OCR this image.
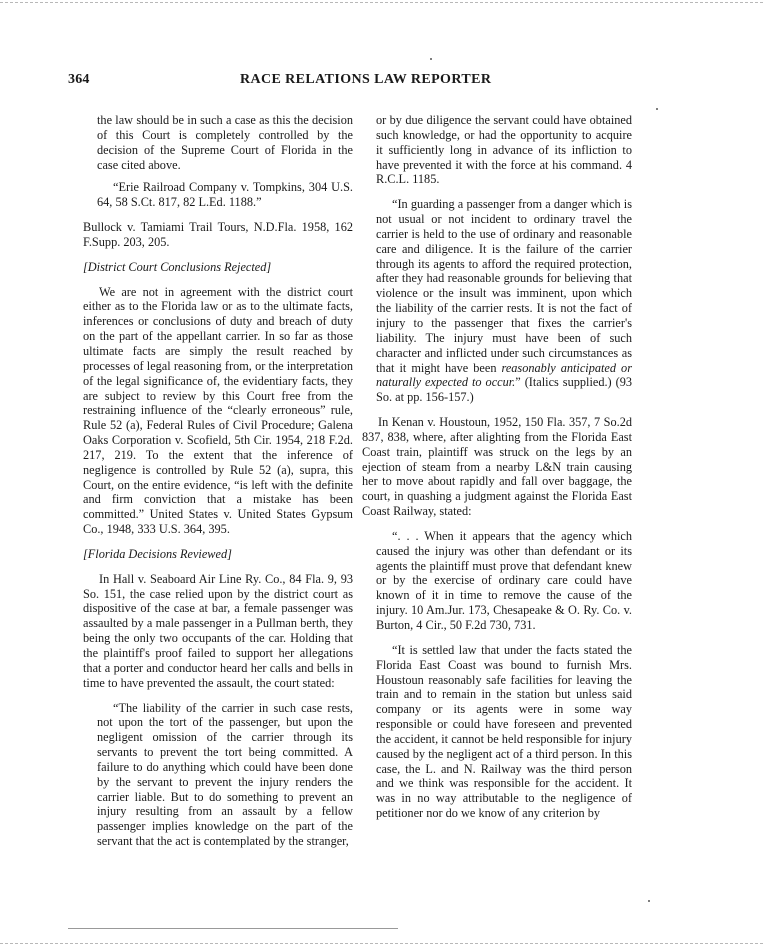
364	RACE RELATIONS LAW REPORTER

the law should be in such a case as this the decision of this Court is completely controlled by the decision of the Supreme Court of Florida in the case cited above.

“Erie Railroad Company v. Tompkins, 304 U.S. 64, 58 S.Ct. 817, 82 L.Ed. 1188.”

Bullock v. Tamiami Trail Tours, N.D.Fla. 1958, 162 F.Supp. 203, 205.

[District Court Conclusions Rejected]

We are not in agreement with the district court either as to the Florida law or as to the ultimate facts, inferences or conclusions of duty and breach of duty on the part of the appellant carrier. In so far as those ultimate facts are simply the result reached by processes of legal reasoning from, or the interpretation of the legal significance of, the evidentiary facts, they are subject to review by this Court free from the restraining influence of the “clearly erroneous” rule, Rule 52 (a), Federal Rules of Civil Procedure; Galena Oaks Corporation v. Scofield, 5th Cir. 1954, 218 F.2d. 217, 219. To the extent that the inference of negligence is controlled by Rule 52 (a), supra, this Court, on the entire evidence, “is left with the definite and firm conviction that a mistake has been committed.” United States v. United States Gypsum Co., 1948, 333 U.S. 364, 395.

[Florida Decisions Reviewed]

In Hall v. Seaboard Air Line Ry. Co., 84 Fla. 9, 93 So. 151, the case relied upon by the district court as dispositive of the case at bar, a female passenger was assaulted by a male passenger in a Pullman berth, they being the only two occupants of the car. Holding that the plaintiff's proof failed to support her allegations that a porter and conductor heard her calls and bells in time to have prevented the assault, the court stated:

“The liability of the carrier in such case rests, not upon the tort of the passenger, but upon the negligent omission of the carrier through its servants to prevent the tort being committed. A failure to do anything which could have been done by the servant to prevent the injury renders the carrier liable. But to do something to prevent an injury resulting from an assault by a fellow passenger implies knowledge on the part of the servant that the act is contemplated by the stranger,

or by due diligence the servant could have obtained such knowledge, or had the opportunity to acquire it sufficiently long in advance of its infliction to have prevented it with the force at his command. 4 R.C.L. 1185.

“In guarding a passenger from a danger which is not usual or not incident to ordinary travel the carrier is held to the use of ordinary and reasonable care and diligence. It is the failure of the carrier through its agents to afford the required protection, after they had reasonable grounds for believing that violence or the insult was imminent, upon which the liability of the carrier rests. It is not the fact of injury to the passenger that fixes the carrier's liability. The injury must have been of such character and inflicted under such circumstances as that it might have been reasonably anticipated or naturally expected to occur.” (Italics supplied.) (93 So. at pp. 156-157.)

In Kenan v. Houstoun, 1952, 150 Fla. 357, 7 So.2d 837, 838, where, after alighting from the Florida East Coast train, plaintiff was struck on the legs by an ejection of steam from a nearby L&N train causing her to move about rapidly and fall over baggage, the court, in quashing a judgment against the Florida East Coast Railway, stated:

“. . . When it appears that the agency which caused the injury was other than defendant or its agents the plaintiff must prove that defendant knew or by the exercise of ordinary care could have known of it in time to remove the cause of the injury. 10 Am.Jur. 173, Chesapeake & O. Ry. Co. v. Burton, 4 Cir., 50 F.2d 730, 731.

“It is settled law that under the facts stated the Florida East Coast was bound to furnish Mrs. Houstoun reasonably safe facilities for leaving the train and to remain in the station but unless said company or its agents were in some way responsible or could have foreseen and prevented the accident, it cannot be held responsible for injury caused by the negligent act of a third person. In this case, the L. and N. Railway was the third person and we think was responsible for the accident. It was in no way attributable to the negligence of petitioner nor do we know of any criterion by
